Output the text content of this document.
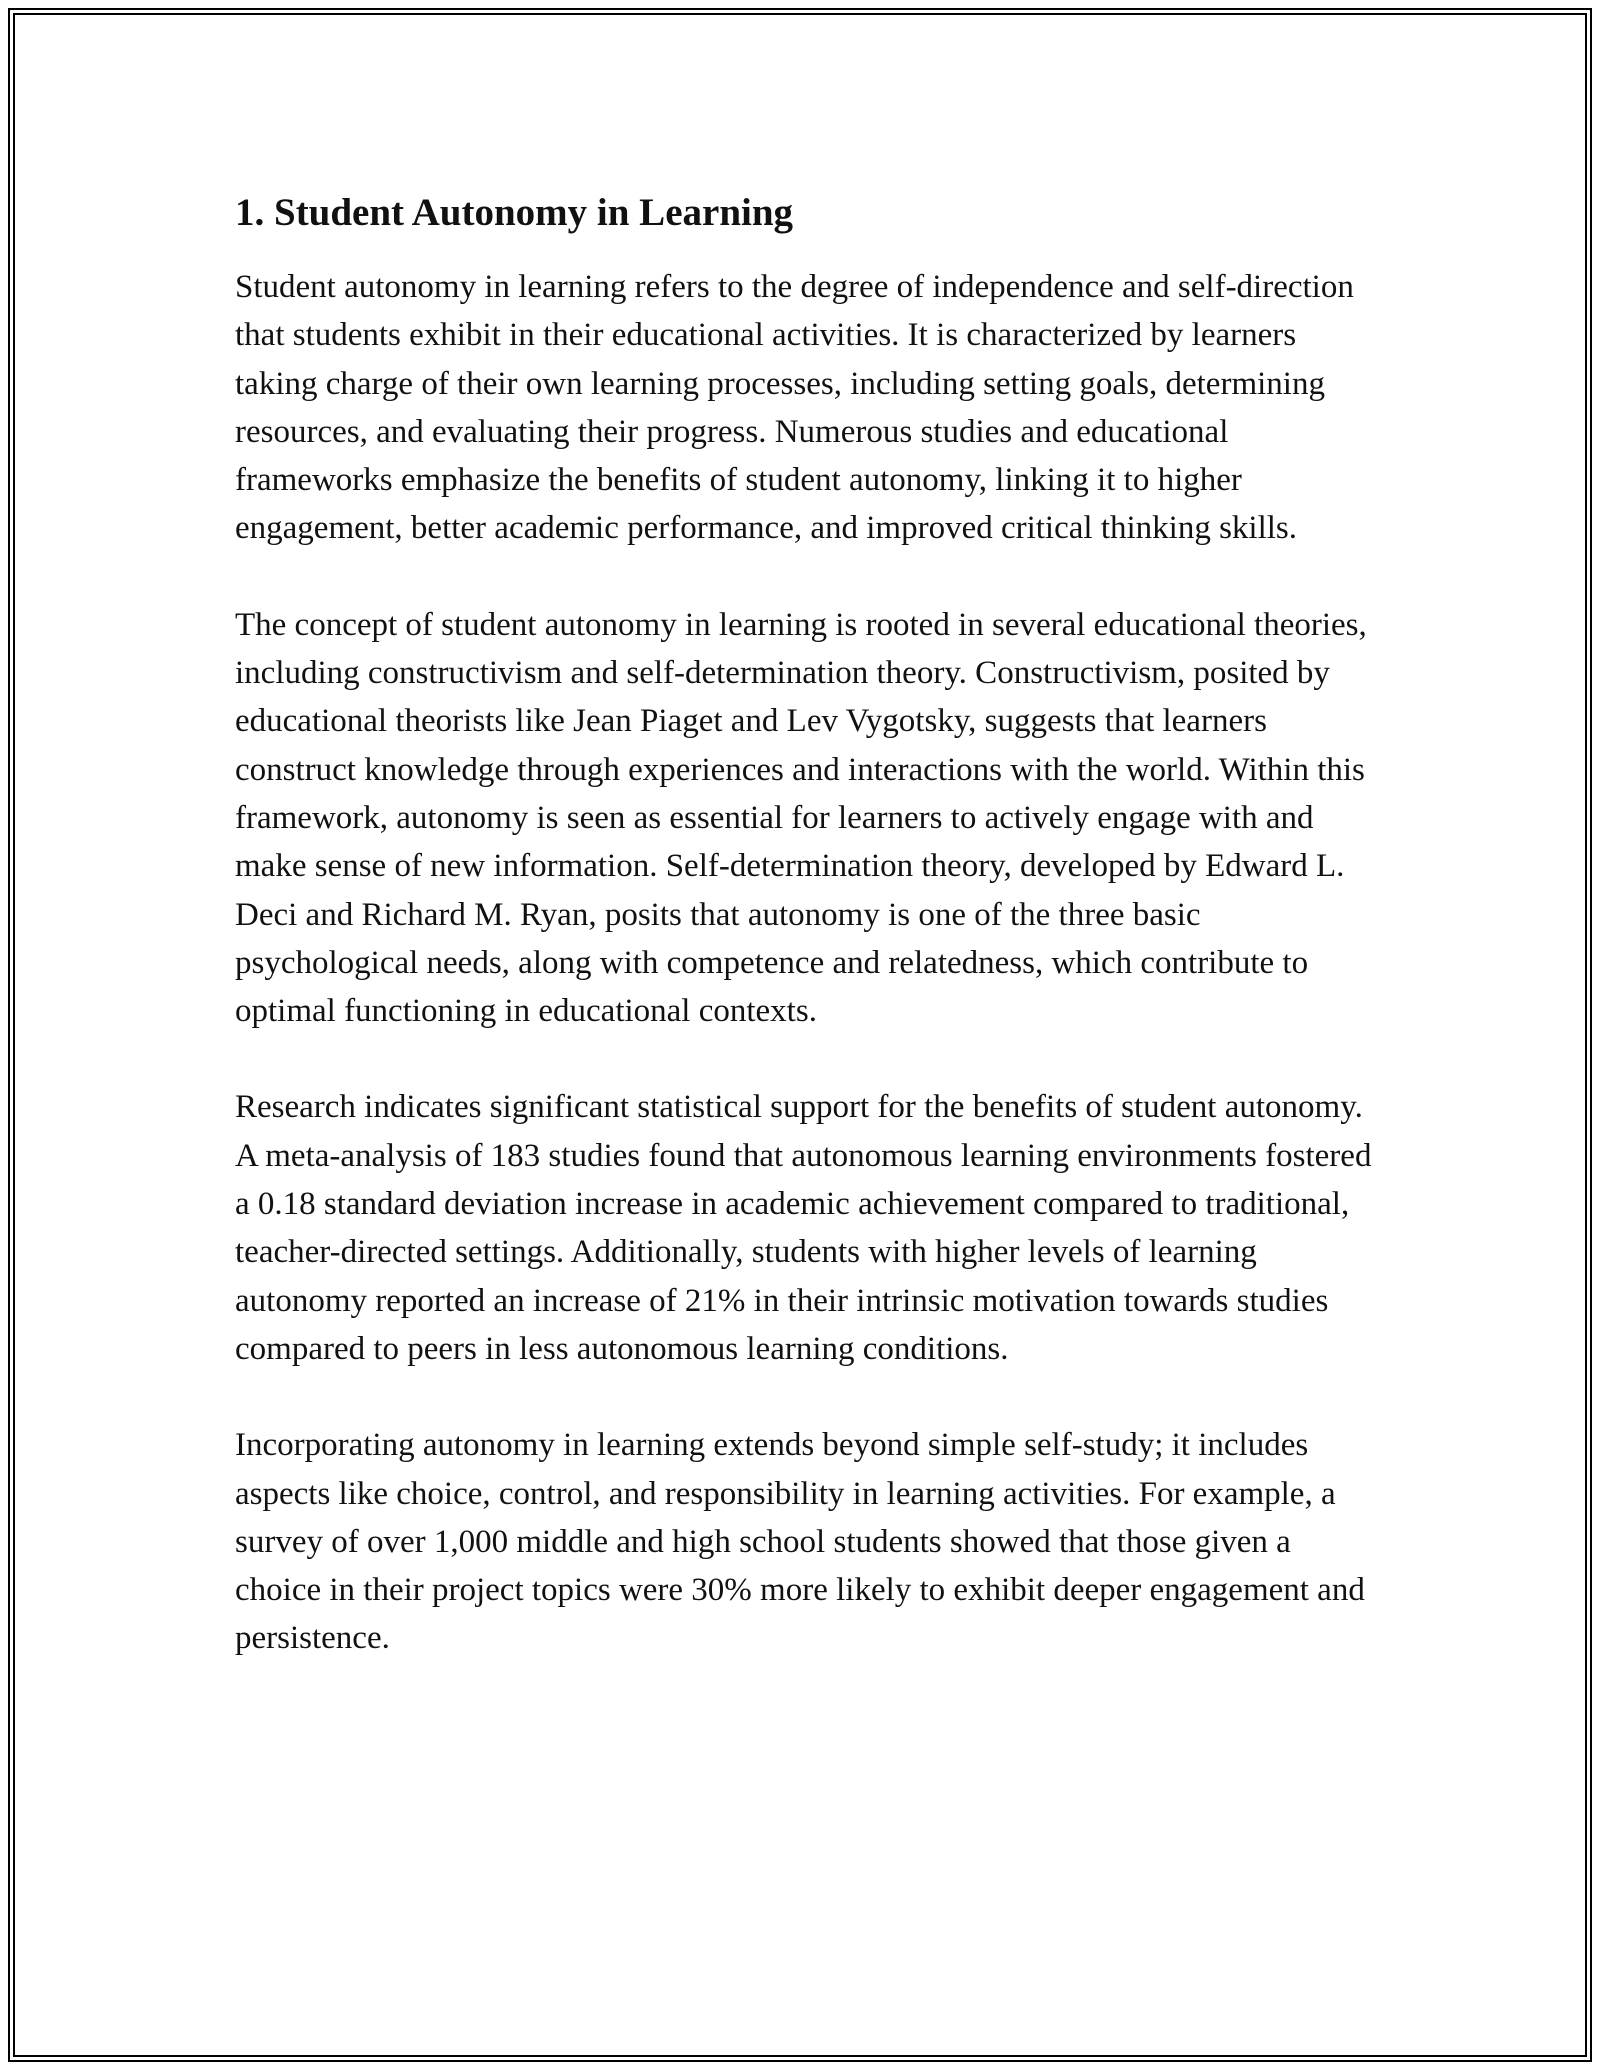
1. Student Autonomy in Learning

Student autonomy in learning refers to the degree of independence and self-direction that students exhibit in their educational activities. It is characterized by learners taking charge of their own learning processes, including setting goals, determining resources, and evaluating their progress. Numerous studies and educational frameworks emphasize the benefits of student autonomy, linking it to higher engagement, better academic performance, and improved critical thinking skills.

The concept of student autonomy in learning is rooted in several educational theories, including constructivism and self-determination theory. Constructivism, posited by educational theorists like Jean Piaget and Lev Vygotsky, suggests that learners construct knowledge through experiences and interactions with the world. Within this framework, autonomy is seen as essential for learners to actively engage with and make sense of new information. Self-determination theory, developed by Edward L. Deci and Richard M. Ryan, posits that autonomy is one of the three basic psychological needs, along with competence and relatedness, which contribute to optimal functioning in educational contexts.

Research indicates significant statistical support for the benefits of student autonomy. A meta-analysis of 183 studies found that autonomous learning environments fostered a 0.18 standard deviation increase in academic achievement compared to traditional, teacher-directed settings. Additionally, students with higher levels of learning autonomy reported an increase of 21% in their intrinsic motivation towards studies compared to peers in less autonomous learning conditions.

Incorporating autonomy in learning extends beyond simple self-study; it includes aspects like choice, control, and responsibility in learning activities. For example, a survey of over 1,000 middle and high school students showed that those given a choice in their project topics were 30% more likely to exhibit deeper engagement and persistence.
